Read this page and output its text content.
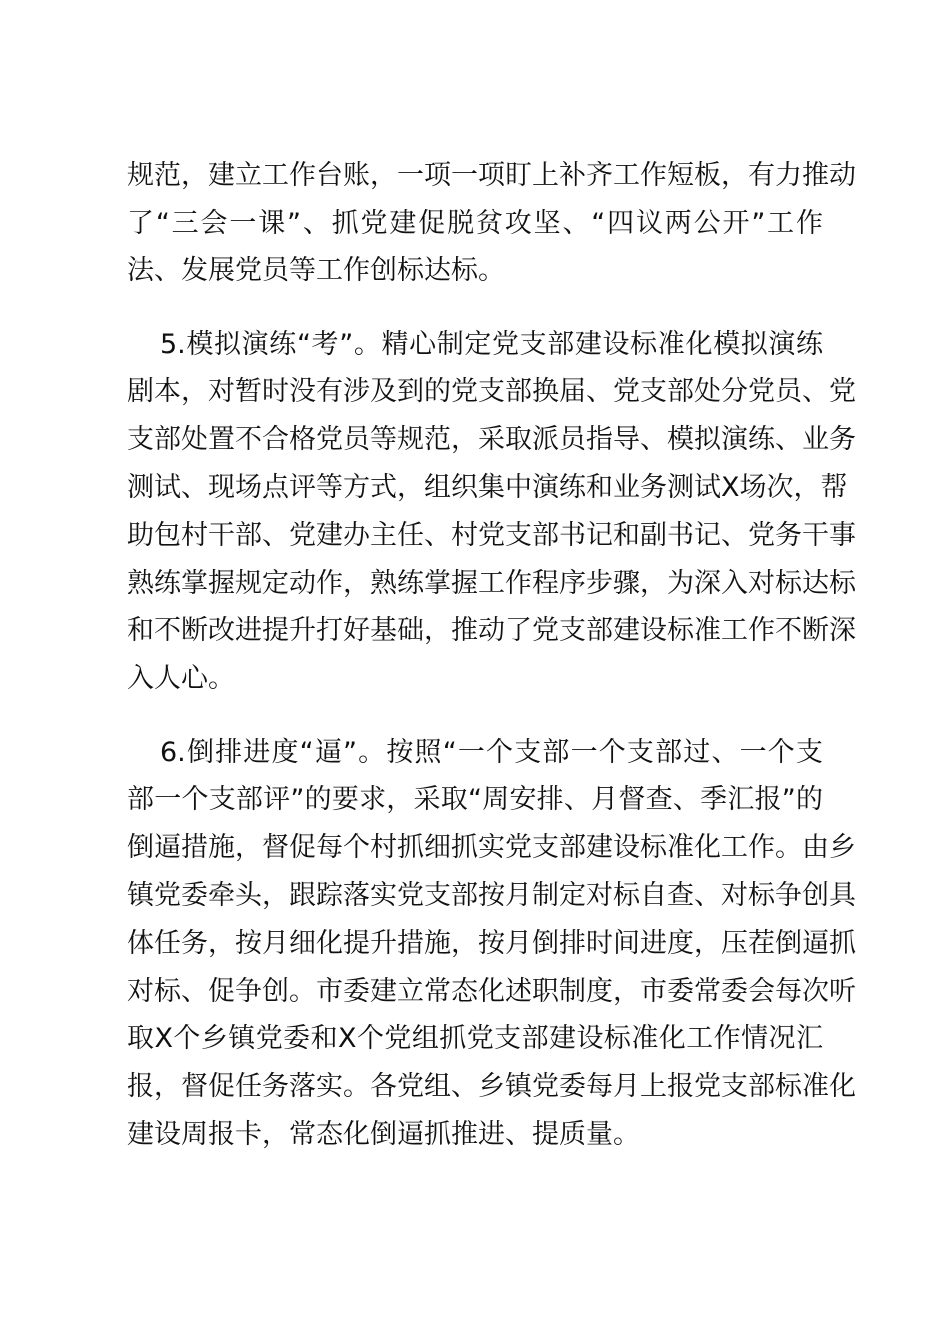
规范，建立工作台账，一项一项盯上补齐工作短板，有力推动
了“三会一课”、抓党建促脱贫攻坚、“四议两公开”工作
法、发展党员等工作创标达标。
5.模拟演练“考”。精心制定党支部建设标准化模拟演练
剧本，对暂时没有涉及到的党支部换届、党支部处分党员、党
支部处置不合格党员等规范，采取派员指导、模拟演练、业务
测试、现场点评等方式，组织集中演练和业务测试X场次，帮
助包村干部、党建办主任、村党支部书记和副书记、党务干事
熟练掌握规定动作，熟练掌握工作程序步骤，为深入对标达标
和不断改进提升打好基础，推动了党支部建设标准工作不断深
入人心。
6.倒排进度“逼”。按照“一个支部一个支部过、一个支
部一个支部评”的要求，采取“周安排、月督查、季汇报”的
倒逼措施，督促每个村抓细抓实党支部建设标准化工作。由乡
镇党委牵头，跟踪落实党支部按月制定对标自查、对标争创具
体任务，按月细化提升措施，按月倒排时间进度，压茬倒逼抓
对标、促争创。市委建立常态化述职制度，市委常委会每次听
取X个乡镇党委和X个党组抓党支部建设标准化工作情况汇
报，督促任务落实。各党组、乡镇党委每月上报党支部标准化
建设周报卡，常态化倒逼抓推进、提质量。
